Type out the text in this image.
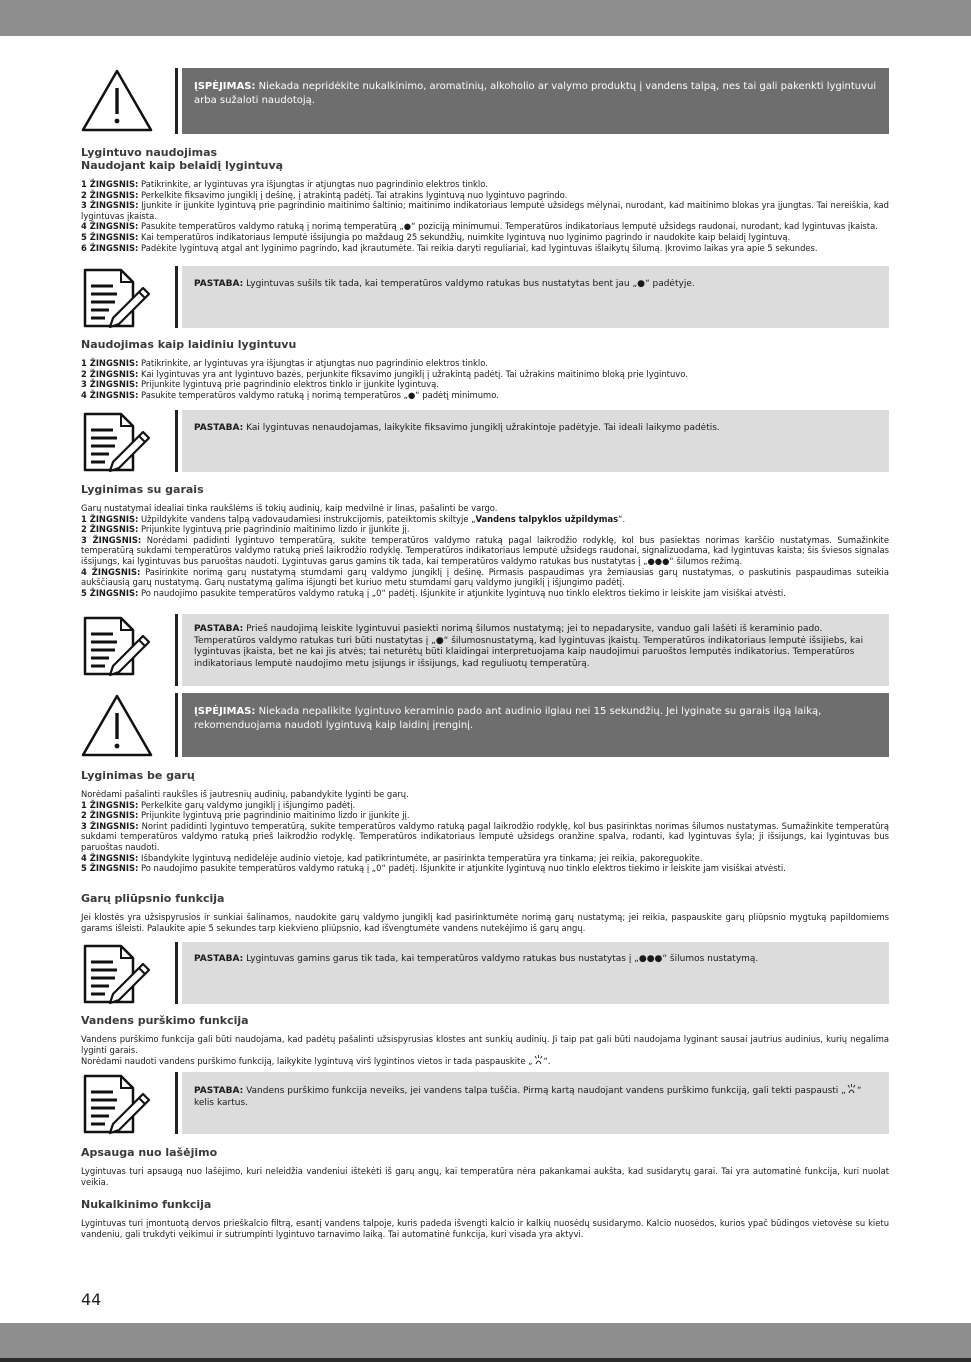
ĮSPĖJIMAS: Niekada nepridėkite nukalkinimo, aromatinių, alkoholio ar valymo produktų į vandens talpą, nes tai gali pakenkti lygintuvui arba sužaloti naudotoją.
Lygintuvo naudojimas
Naudojant kaip belaidį lygintuvą

1 ŽINGSNIS: Patikrinkite, ar lygintuvas yra išjungtas ir atjungtas nuo pagrindinio elektros tinklo.

2 ŽINGSNIS: Perkelkite fiksavimo jungiklį į dešinę, į atrakintą padėtį. Tai atrakins lygintuvą nuo lygintuvo pagrindo.

3 ŽINGSNIS: Įjunkite ir įjunkite lygintuvą prie pagrindinio maitinimo šaltinio; maitinimo indikatoriaus lemputė užsidegs mėlynai, nurodant, kad maitinimo blokas yra įjungtas. Tai nereiškia, kad lygintuvas įkaista.

4 ŽINGSNIS: Pasukite temperatūros valdymo ratuką į norimą temperatūrą „●“ poziciją minimumui. Temperatūros indikatoriaus lemputė užsidegs raudonai, nurodant, kad lygintuvas įkaista.

5 ŽINGSNIS: Kai temperatūros indikatoriaus lemputė išsijungia po maždaug 25 sekundžių, nuimkite lygintuvą nuo lyginimo pagrindo ir naudokite kaip belaidį lygintuvą.

6 ŽINGSNIS: Padėkite lygintuvą atgal ant lyginimo pagrindo, kad įkrautumėte. Tai reikia daryti reguliariai, kad lygintuvas išlaikytų šilumą. Įkrovimo laikas yra apie 5 sekundes.

PASTABA: Lygintuvas sušils tik tada, kai temperatūros valdymo ratukas bus nustatytas bent jau „●“ padėtyje.
Naudojimas kaip laidiniu lygintuvu

1 ŽINGSNIS: Patikrinkite, ar lygintuvas yra išjungtas ir atjungtas nuo pagrindinio elektros tinklo.

2 ŽINGSNIS: Kai lygintuvas yra ant lygintuvo bazės, perjunkite fiksavimo jungiklį į užrakintą padėtį. Tai užrakins maitinimo bloką prie lygintuvo.

3 ŽINGSNIS: Prijunkite lygintuvą prie pagrindinio elektros tinklo ir įjunkite lygintuvą.

4 ŽINGSNIS: Pasukite temperatūros valdymo ratuką į norimą temperatūros „●“ padėtį minimumo.

PASTABA: Kai lygintuvas nenaudojamas, laikykite fiksavimo jungiklį užrakintoje padėtyje. Tai ideali laikymo padėtis.
Lyginimas su garais

Garų nustatymai idealiai tinka raukšlėms iš tokių audinių, kaip medvilnė ir linas, pašalinti be vargo.

1 ŽINGSNIS: Užpildykite vandens talpą vadovaudamiesi instrukcijomis, pateiktomis skiltyje „Vandens talpyklos užpildymas“.

2 ŽINGSNIS: Prijunkite lygintuvą prie pagrindinio maitinimo lizdo ir įjunkite jį.

3 ŽINGSNIS: Norėdami padidinti lygintuvo temperatūrą, sukite temperatūros valdymo ratuką pagal laikrodžio rodyklę, kol bus pasiektas norimas karščio nustatymas. Sumažinkite temperatūrą sukdami temperatūros valdymo ratuką prieš laikrodžio rodyklę. Temperatūros indikatoriaus lemputė užsidegs raudonai, signalizuodama, kad lygintuvas kaista; šis šviesos signalas išsijungs, kai lygintuvas bus paruoštas naudoti. Lygintuvas garus gamins tik tada, kai temperatūros valdymo ratukas bus nustatytas į „●●●“ šilumos režimą.

4 ŽINGSNIS: Pasirinkite norimą garų nustatymą stumdami garų valdymo jungiklį į dešinę. Pirmasis paspaudimas yra žemiausias garų nustatymas, o paskutinis paspaudimas suteikia aukščiausią garų nustatymą. Garų nustatymą galima išjungti bet kuriuo metu stumdami garų valdymo jungiklį į išjungimo padėtį.

5 ŽINGSNIS: Po naudojimo pasukite temperatūros valdymo ratuką į „0“ padėtį. Išjunkite ir atjunkite lygintuvą nuo tinklo elektros tiekimo ir leiskite jam visiškai atvėsti.

PASTABA: Prieš naudojimą leiskite lygintuvui pasiekti norimą šilumos nustatymą; jei to nepadarysite, vanduo gali lašėti iš keraminio pado. Temperatūros valdymo ratukas turi būti nustatytas į „●“ šilumosnustatymą, kad lygintuvas įkaistų. Temperatūros indikatoriaus lemputė išsijiebs, kai lygintuvas įkaista, bet ne kai jis atvės; tai neturėtų būti klaidingai interpretuojama kaip naudojimui paruoštos lemputės indikatorius. Temperatūros indikatoriaus lemputė naudojimo metu įsijungs ir išsijungs, kad reguliuotų temperatūrą.
ĮSPĖJIMAS: Niekada nepalikite lygintuvo keraminio pado ant audinio ilgiau nei 15 sekundžių. Jei lyginate su garais ilgą laiką, rekomenduojama naudoti lygintuvą kaip laidinį įrenginį.
Lyginimas be garų

Norėdami pašalinti raukšles iš jautresnių audinių, pabandykite lyginti be garų.

1 ŽINGSNIS: Perkelkite garų valdymo jungiklį į išjungimo padėtį.

2 ŽINGSNIS: Prijunkite lygintuvą prie pagrindinio maitinimo lizdo ir įjunkite jį.

3 ŽINGSNIS: Norint padidinti lygintuvo temperatūrą, sukite temperatūros valdymo ratuką pagal laikrodžio rodyklę, kol bus pasirinktas norimas šilumos nustatymas. Sumažinkite temperatūrą sukdami temperatūros valdymo ratuką prieš laikrodžio rodyklę. Temperatūros indikatoriaus lemputė užsidegs oranžine spalva, rodanti, kad lygintuvas šyla; ji išsijungs, kai lygintuvas bus paruoštas naudoti.

4 ŽINGSNIS: Išbandykite lygintuvą nedidelėje audinio vietoje, kad patikrintumėte, ar pasirinkta temperatūra yra tinkama; jei reikia, pakoreguokite.

5 ŽINGSNIS: Po naudojimo pasukite temperatūros valdymo ratuką į „0“ padėtį. Išjunkite ir atjunkite lygintuvą nuo tinklo elektros tiekimo ir leiskite jam visiškai atvėsti.

Garų pliūpsnio funkcija

Jei klostės yra užsispyrusios ir sunkiai šalinamos, naudokite garų valdymo jungiklį kad pasirinktumėte norimą garų nustatymą; jei reikia, paspauskite garų pliūpsnio mygtuką papildomiems garams išleisti. Palaukite apie 5 sekundes tarp kiekvieno pliūpsnio, kad išvengtumėte vandens nutekėjimo iš garų angų.

PASTABA: Lygintuvas gamins garus tik tada, kai temperatūros valdymo ratukas bus nustatytas į „●●●“ šilumos nustatymą.
Vandens purškimo funkcija

Vandens purškimo funkcija gali būti naudojama, kad padėtų pašalinti užsispyrusias klostes ant sunkių audinių. Ji taip pat gali būti naudojama lyginant sausai jautrius audinius, kurių negalima lyginti garais.

Norėdami naudoti vandens purškimo funkciją, laikykite lygintuvą virš lygintinos vietos ir tada paspauskite „ “.

PASTABA: Vandens purškimo funkcija neveiks, jei vandens talpa tuščia. Pirmą kartą naudojant vandens purškimo funkciją, gali tekti paspausti „ “ kelis kartus.
Apsauga nuo lašėjimo

Lygintuvas turi apsaugą nuo lašėjimo, kuri neleidžia vandeniui ištekėti iš garų angų, kai temperatūra nėra pakankamai aukšta, kad susidarytų garai. Tai yra automatinė funkcija, kuri nuolat veikia.

Nukalkinimo funkcija

Lygintuvas turi įmontuotą dervos prieškalcio filtrą, esantį vandens talpoje, kuris padeda išvengti kalcio ir kalkių nuosėdų susidarymo. Kalcio nuosėdos, kurios ypač būdingos vietovėse su kietu vandeniu, gali trukdyti veikimui ir sutrumpinti lygintuvo tarnavimo laiką. Tai automatinė funkcija, kuri visada yra aktyvi.

44
